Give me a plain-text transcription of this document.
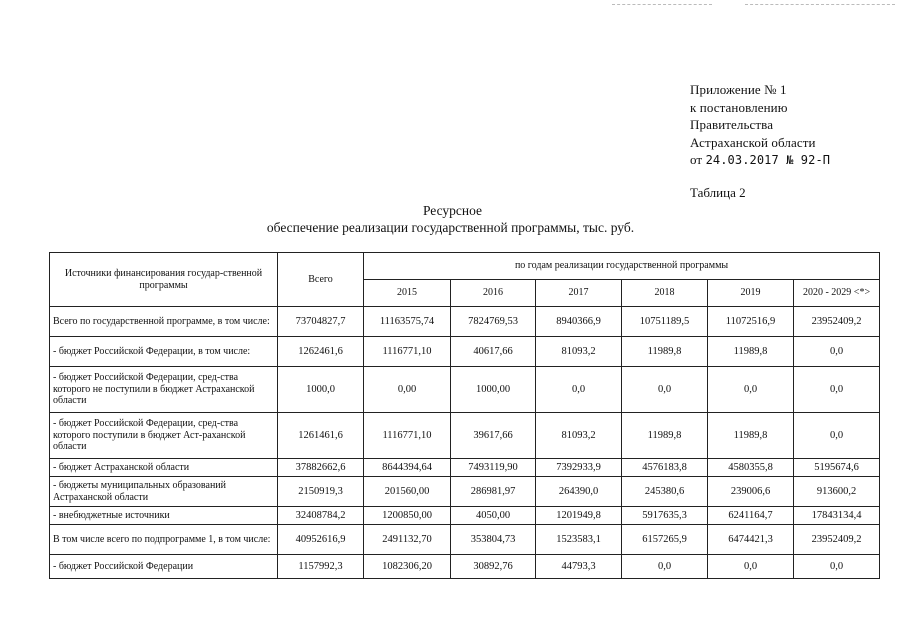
Приложение № 1
к постановлению
Правительства
Астраханской области
от 24.03.2017 № 92-П
Таблица 2
Ресурсное
обеспечение реализации государственной программы, тыс. руб.
Источники финансирования государ-ственной программы	Всего	по годам реализации государственной программы					
		2015	2016	2017	2018	2019	2020 - 2029 <*>
Всего по государственной программе, в том числе:	73704827,7	11163575,74	7824769,53	8940366,9	10751189,5	11072516,9	23952409,2
- бюджет Российской Федерации, в том числе:	1262461,6	1116771,10	40617,66	81093,2	11989,8	11989,8	0,0
- бюджет Российской Федерации, сред-ства которого не поступили в бюджет Астраханской области	1000,0	0,00	1000,00	0,0	0,0	0,0	0,0
- бюджет Российской Федерации, сред-ства которого поступили в бюджет Аст-раханской области	1261461,6	1116771,10	39617,66	81093,2	11989,8	11989,8	0,0
- бюджет Астраханской области	37882662,6	8644394,64	7493119,90	7392933,9	4576183,8	4580355,8	5195674,6
- бюджеты муниципальных образований Астраханской области	2150919,3	201560,00	286981,97	264390,0	245380,6	239006,6	913600,2
- внебюджетные источники	32408784,2	1200850,00	4050,00	1201949,8	5917635,3	6241164,7	17843134,4
В том числе всего по подпрограмме 1, в том числе:	40952616,9	2491132,70	353804,73	1523583,1	6157265,9	6474421,3	23952409,2
- бюджет Российской Федерации	1157992,3	1082306,20	30892,76	44793,3	0,0	0,0	0,0
